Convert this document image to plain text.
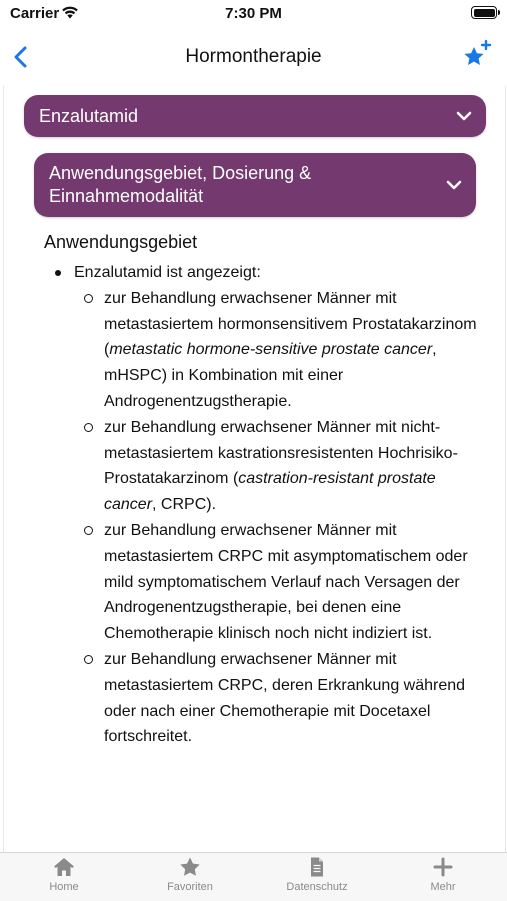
Carrier	7:30 PM
Hormontherapie
Enzalutamid
Anwendungsgebiet, Dosierung & Einnahmemodalität
Anwendungsgebiet
Enzalutamid ist angezeigt:
zur Behandlung erwachsener Männer mit metastasiertem hormonsensitivem Prostatakarzinom (metastatic hormone-sensitive prostate cancer, mHSPC) in Kombination mit einer Androgenentzugstherapie.
zur Behandlung erwachsener Männer mit nicht-metastasiertem kastrationsresistenten Hochrisiko-Prostatakarzinom (castration-resistant prostate cancer, CRPC).
zur Behandlung erwachsener Männer mit metastasiertem CRPC mit asymptomatischem oder mild symptomatischem Verlauf nach Versagen der Androgenentzugstherapie, bei denen eine Chemotherapie klinisch noch nicht indiziert ist.
zur Behandlung erwachsener Männer mit metastasiertem CRPC, deren Erkrankung während oder nach einer Chemotherapie mit Docetaxel fortschreitet.
Home	Favoriten	Datenschutz	Mehr
